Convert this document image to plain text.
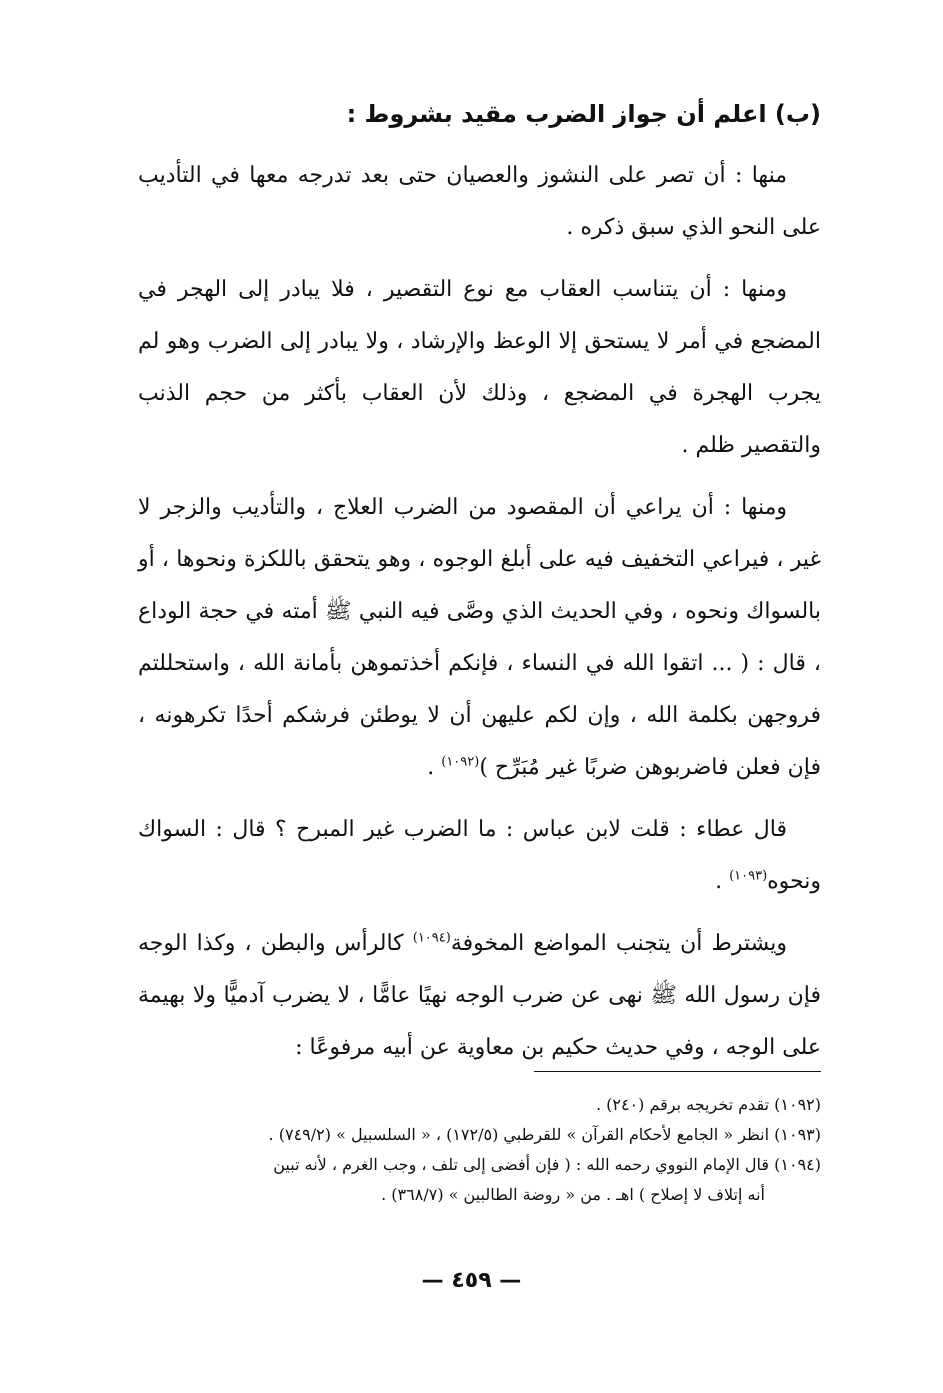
(ب) اعلم أن جواز الضرب مقيد بشروط :

منها : أن تصر على النشوز والعصيان حتى بعد تدرجه معها في التأديب على النحو الذي سبق ذكره .

ومنها : أن يتناسب العقاب مع نوع التقصير ، فلا يبادر إلى الهجر في المضجع في أمر لا يستحق إلا الوعظ والإرشاد ، ولا يبادر إلى الضرب وهو لم يجرب الهجرة في المضجع ، وذلك لأن العقاب بأكثر من حجم الذنب والتقصير ظلم .

ومنها : أن يراعي أن المقصود من الضرب العلاج ، والتأديب والزجر لا غير ، فيراعي التخفيف فيه على أبلغ الوجوه ، وهو يتحقق باللكزة ونحوها ، أو بالسواك ونحوه ، وفي الحديث الذي وصَّى فيه النبي ﷺ أمته في حجة الوداع ، قال : ( ... اتقوا الله في النساء ، فإنكم أخذتموهن بأمانة الله ، واستحللتم فروجهن بكلمة الله ، وإن لكم عليهن أن لا يوطئن فرشكم أحدًا تكرهونه ، فإن فعلن فاضربوهن ضربًا غير مُبَرِّح )$^{(١٠٩٢)}$ .

قال عطاء : قلت لابن عباس : ما الضرب غير المبرح ؟ قال : السواك ونحوه$^{(١٠٩٣)}$ .

ويشترط أن يتجنب المواضع المخوفة$^{(١٠٩٤)}$ كالرأس والبطن ، وكذا الوجه فإن رسول الله ﷺ نهى عن ضرب الوجه نهيًا عامًّا ، لا يضرب آدميًّا ولا بهيمة على الوجه ، وفي حديث حكيم بن معاوية عن أبيه مرفوعًا :

(١٠٩٢) تقدم تخريجه برقم (٢٤٠) .

(١٠٩٣) انظر « الجامع لأحكام القرآن » للقرطبي (١٧٢/٥) ، « السلسبيل » (٧٤٩/٢) .

(١٠٩٤) قال الإمام النووي رحمه الله : ( فإن أفضى إلى تلف ، وجب الغرم ، لأنه تبين

أنه إتلاف لا إصلاح ) اهـ . من « روضة الطالبين » (٣٦٨/٧) .

— ٤٥٩ —
